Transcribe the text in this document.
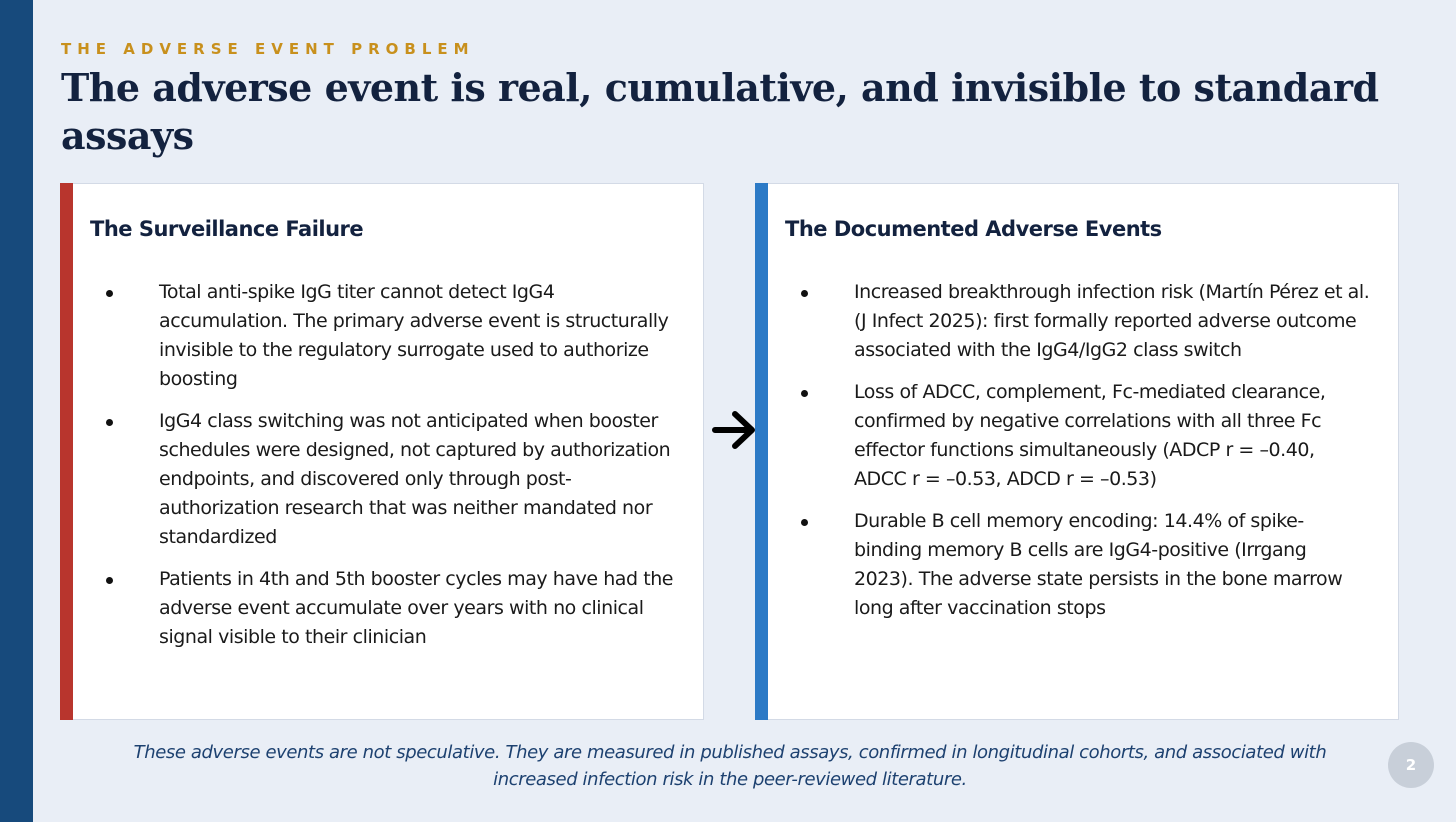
THE ADVERSE EVENT PROBLEM
The adverse event is real, cumulative, and invisible to standard assays
The Surveillance Failure
Total anti-spike IgG titer cannot detect IgG4 accumulation. The primary adverse event is structurally invisible to the regulatory surrogate used to authorize boosting
IgG4 class switching was not anticipated when booster schedules were designed, not captured by authorization endpoints, and discovered only through post-authorization research that was neither mandated nor standardized
Patients in 4th and 5th booster cycles may have had the adverse event accumulate over years with no clinical signal visible to their clinician
The Documented Adverse Events
Increased breakthrough infection risk (Martín Pérez et al. (J Infect 2025): first formally reported adverse outcome associated with the IgG4/IgG2 class switch
Loss of ADCC, complement, Fc-mediated clearance, confirmed by negative correlations with all three Fc effector functions simultaneously (ADCP r = –0.40, ADCC r = –0.53, ADCD r = –0.53)
Durable B cell memory encoding: 14.4% of spike-binding memory B cells are IgG4-positive (Irrgang 2023). The adverse state persists in the bone marrow long after vaccination stops

These adverse events are not speculative. They are measured in published assays, confirmed in longitudinal cohorts, and associated with increased infection risk in the peer-reviewed literature.

2
